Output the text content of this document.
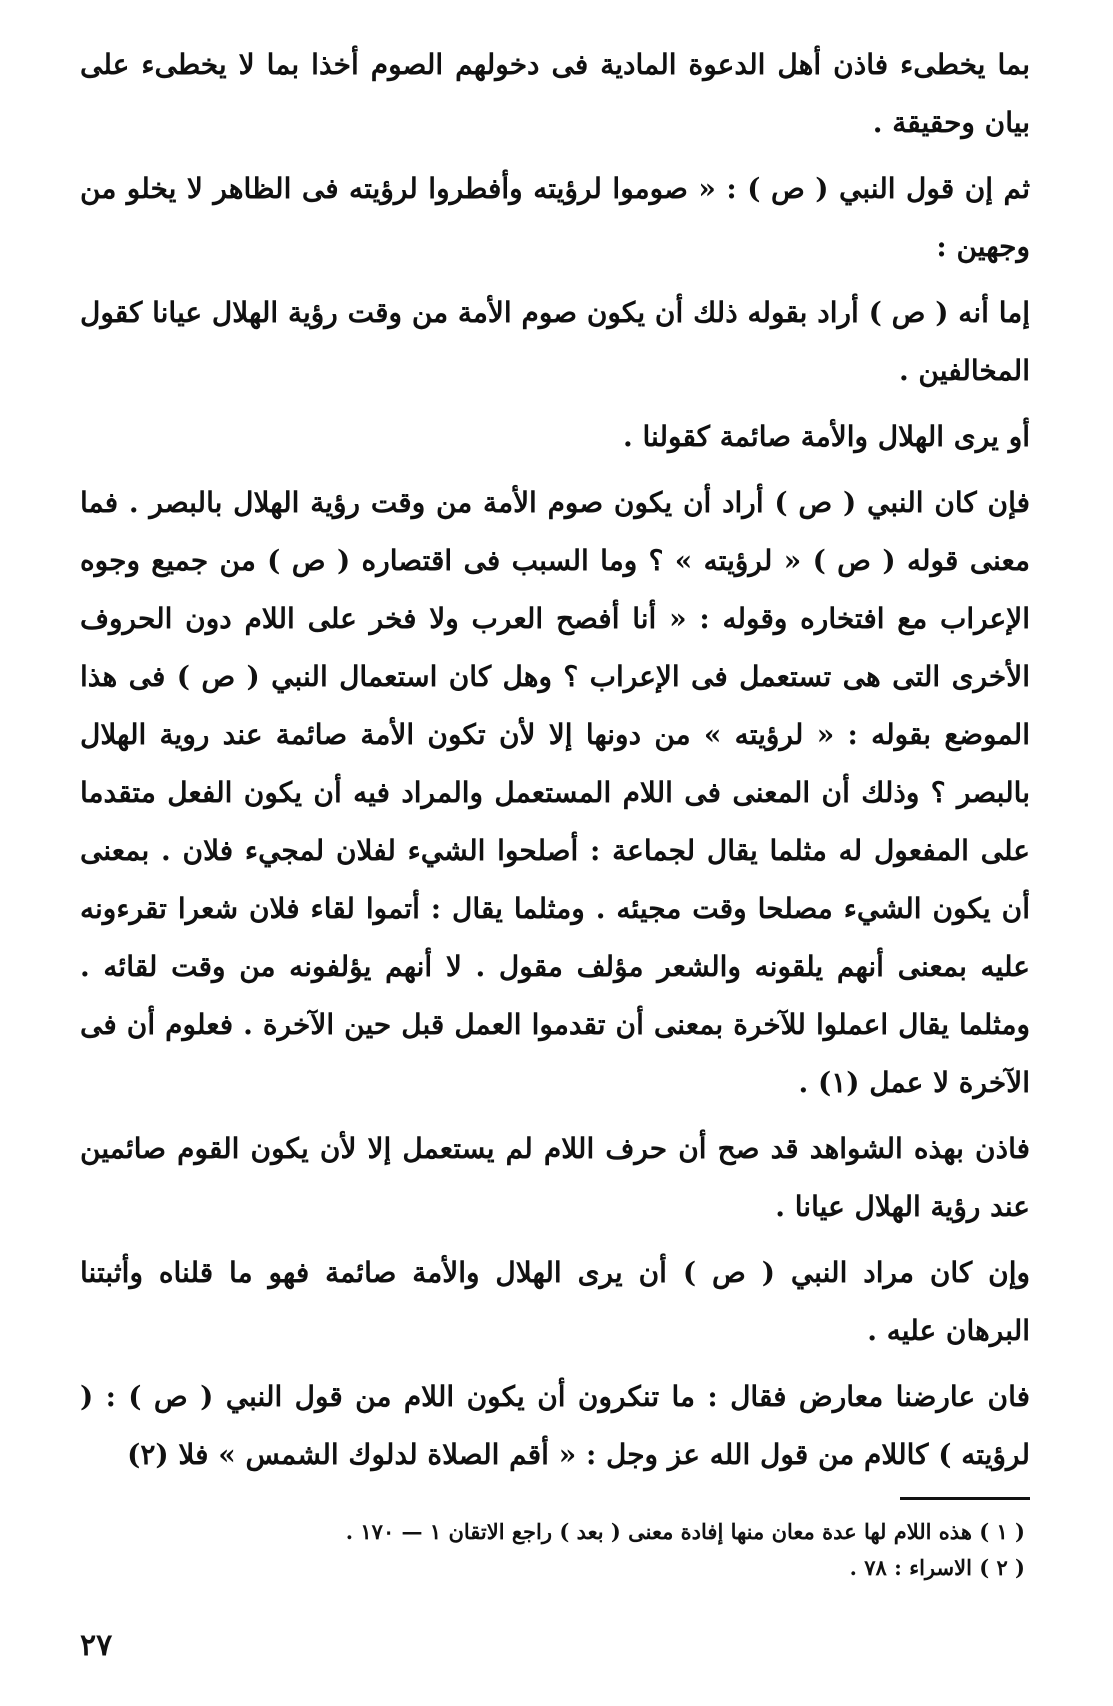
بما يخطىء فاذن أهل الدعوة المادية فى دخولهم الصوم أخذا بما لا يخطىء على بيان وحقيقة .

ثم إن قول النبي ( ص ) : « صوموا لرؤيته وأفطروا لرؤيته فى الظاهر لا يخلو من وجهين :

إما أنه ( ص ) أراد بقوله ذلك أن يكون صوم الأمة من وقت رؤية الهلال عيانا كقول المخالفين .

أو يرى الهلال والأمة صائمة كقولنا .

فإن كان النبي ( ص ) أراد أن يكون صوم الأمة من وقت رؤية الهلال بالبصر . فما معنى قوله ( ص ) « لرؤيته » ؟ وما السبب فى اقتصاره ( ص ) من جميع وجوه الإعراب مع افتخاره وقوله : « أنا أفصح العرب ولا فخر على اللام دون الحروف الأخرى التى هى تستعمل فى الإعراب ؟ وهل كان استعمال النبي ( ص ) فى هذا الموضع بقوله : « لرؤيته » من دونها إلا لأن تكون الأمة صائمة عند روية الهلال بالبصر ؟ وذلك أن المعنى فى اللام المستعمل والمراد فيه أن يكون الفعل متقدما على المفعول له مثلما يقال لجماعة : أصلحوا الشيء لفلان لمجيء فلان . بمعنى أن يكون الشيء مصلحا وقت مجيئه . ومثلما يقال : أتموا لقاء فلان شعرا تقرءونه عليه بمعنى أنهم يلقونه والشعر مؤلف مقول . لا أنهم يؤلفونه من وقت لقائه . ومثلما يقال اعملوا للآخرة بمعنى أن تقدموا العمل قبل حين الآخرة . فعلوم أن فى الآخرة لا عمل (١) .

فاذن بهذه الشواهد قد صح أن حرف اللام لم يستعمل إلا لأن يكون القوم صائمين عند رؤية الهلال عيانا .

وإن كان مراد النبي ( ص ) أن يرى الهلال والأمة صائمة فهو ما قلناه وأثبتنا البرهان عليه .

فان عارضنا معارض فقال : ما تنكرون أن يكون اللام من قول النبي ( ص ) : ( لرؤيته ) كاللام من قول الله عز وجل : « أقم الصلاة لدلوك الشمس » فلا (٢)

( ١ ) هذه اللام لها عدة معان منها إفادة معنى ( بعد ) راجع الاتقان ١ — ١٧٠ .

( ٢ ) الاسراء : ٧٨ .

٢٧
